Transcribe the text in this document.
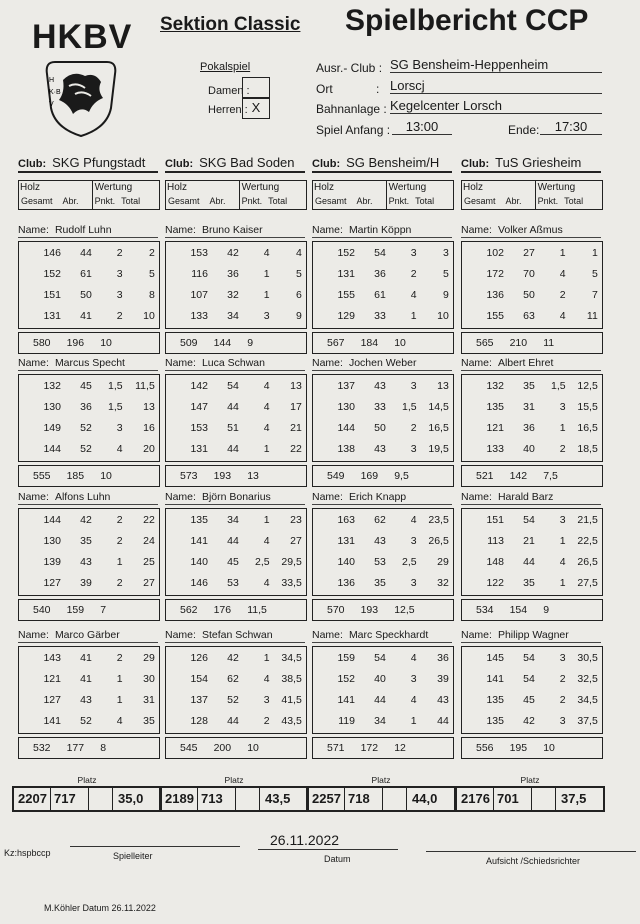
HKBV Sektion Classic Spielbericht CCP
H
K·B
V
Pokalspiel
Damen :
Herren : X
Ausr.- Club : SG Bensheim-Heppenheim
Ort	: Lorscj
Bahnanlage : Kegelcenter Lorsch
Spiel Anfang :	13:00	Ende:	17:30
Club: SKG Pfungstadt
Holz
Gesamt Abr.
Wertung
Pnkt. Total
Name: Rudolf Luhn
146	44	2	2
152	61	3	5
151	50	3	8
131	41	2	10
580 196 10
Name: Marcus Specht
132	45	1,5	11,5
130	36	1,5	13
149	52	3	16
144	52	4	20
555 185 10
Name: Alfons Luhn
144	42	2	22
130	35	2	24
139	43	1	25
127	39	2	27
540 159 7
Name: Marco Gärber
143	41	2	29
121	41	1	30
127	43	1	31
141	52	4	35
532 177 8
Platz
2207 717	35,0
Club: SKG Bad Soden
Holz
Gesamt Abr.
Wertung
Pnkt. Total
Name: Bruno Kaiser
153	42	4	4
116	36	1	5
107	32	1	6
133	34	3	9
509 144 9
Name: Luca Schwan
142	54	4	13
147	44	4	17
153	51	4	21
131	44	1	22
573 193 13
Name: Björn Bonarius
135	34	1	23
141	44	4	27
140	45	2,5	29,5
146	53	4	33,5
562 176 11,5
Name: Stefan Schwan
126	42	1	34,5
154	62	4	38,5
137	52	3	41,5
128	44	2	43,5
545 200 10
Platz
2189 713	43,5
Club: SG Bensheim/H
Holz
Gesamt Abr.
Wertung
Pnkt. Total
Name: Martin Köppn
152	54	3	3
131	36	2	5
155	61	4	9
129	33	1	10
567 184 10
Name: Jochen Weber
137	43	3	13
130	33	1,5	14,5
144	50	2	16,5
138	43	3	19,5
549 169 9,5
Name: Erich Knapp
163	62	4	23,5
131	43	3	26,5
140	53	2,5	29
136	35	3	32
570 193 12,5
Name: Marc Speckhardt
159	54	4	36
152	40	3	39
141	44	4	43
119	34	1	44
571 172 12
Platz
2257 718	44,0
Club: TuS Griesheim
Holz
Gesamt Abr.
Wertung
Pnkt. Total
Name: Volker Aßmus
102	27	1	1
172	70	4	5
136	50	2	7
155	63	4	11
565 210 11
Name: Albert Ehret
132	35	1,5	12,5
135	31	3	15,5
121	36	1	16,5
133	40	2	18,5
521 142 7,5
Name: Harald Barz
151	54	3	21,5
113	21	1	22,5
148	44	4	26,5
122	35	1	27,5
534 154 9
Name: Philipp Wagner
145	54	3	30,5
141	54	2	32,5
135	45	2	34,5
135	42	3	37,5
556 195 10
Platz
2176 701	37,5
Kz:hspbccp	Spielleiter
26.11.2022
Datum	Aufsicht /Schiedsrichter
M.Köhler Datum 26.11.2022
